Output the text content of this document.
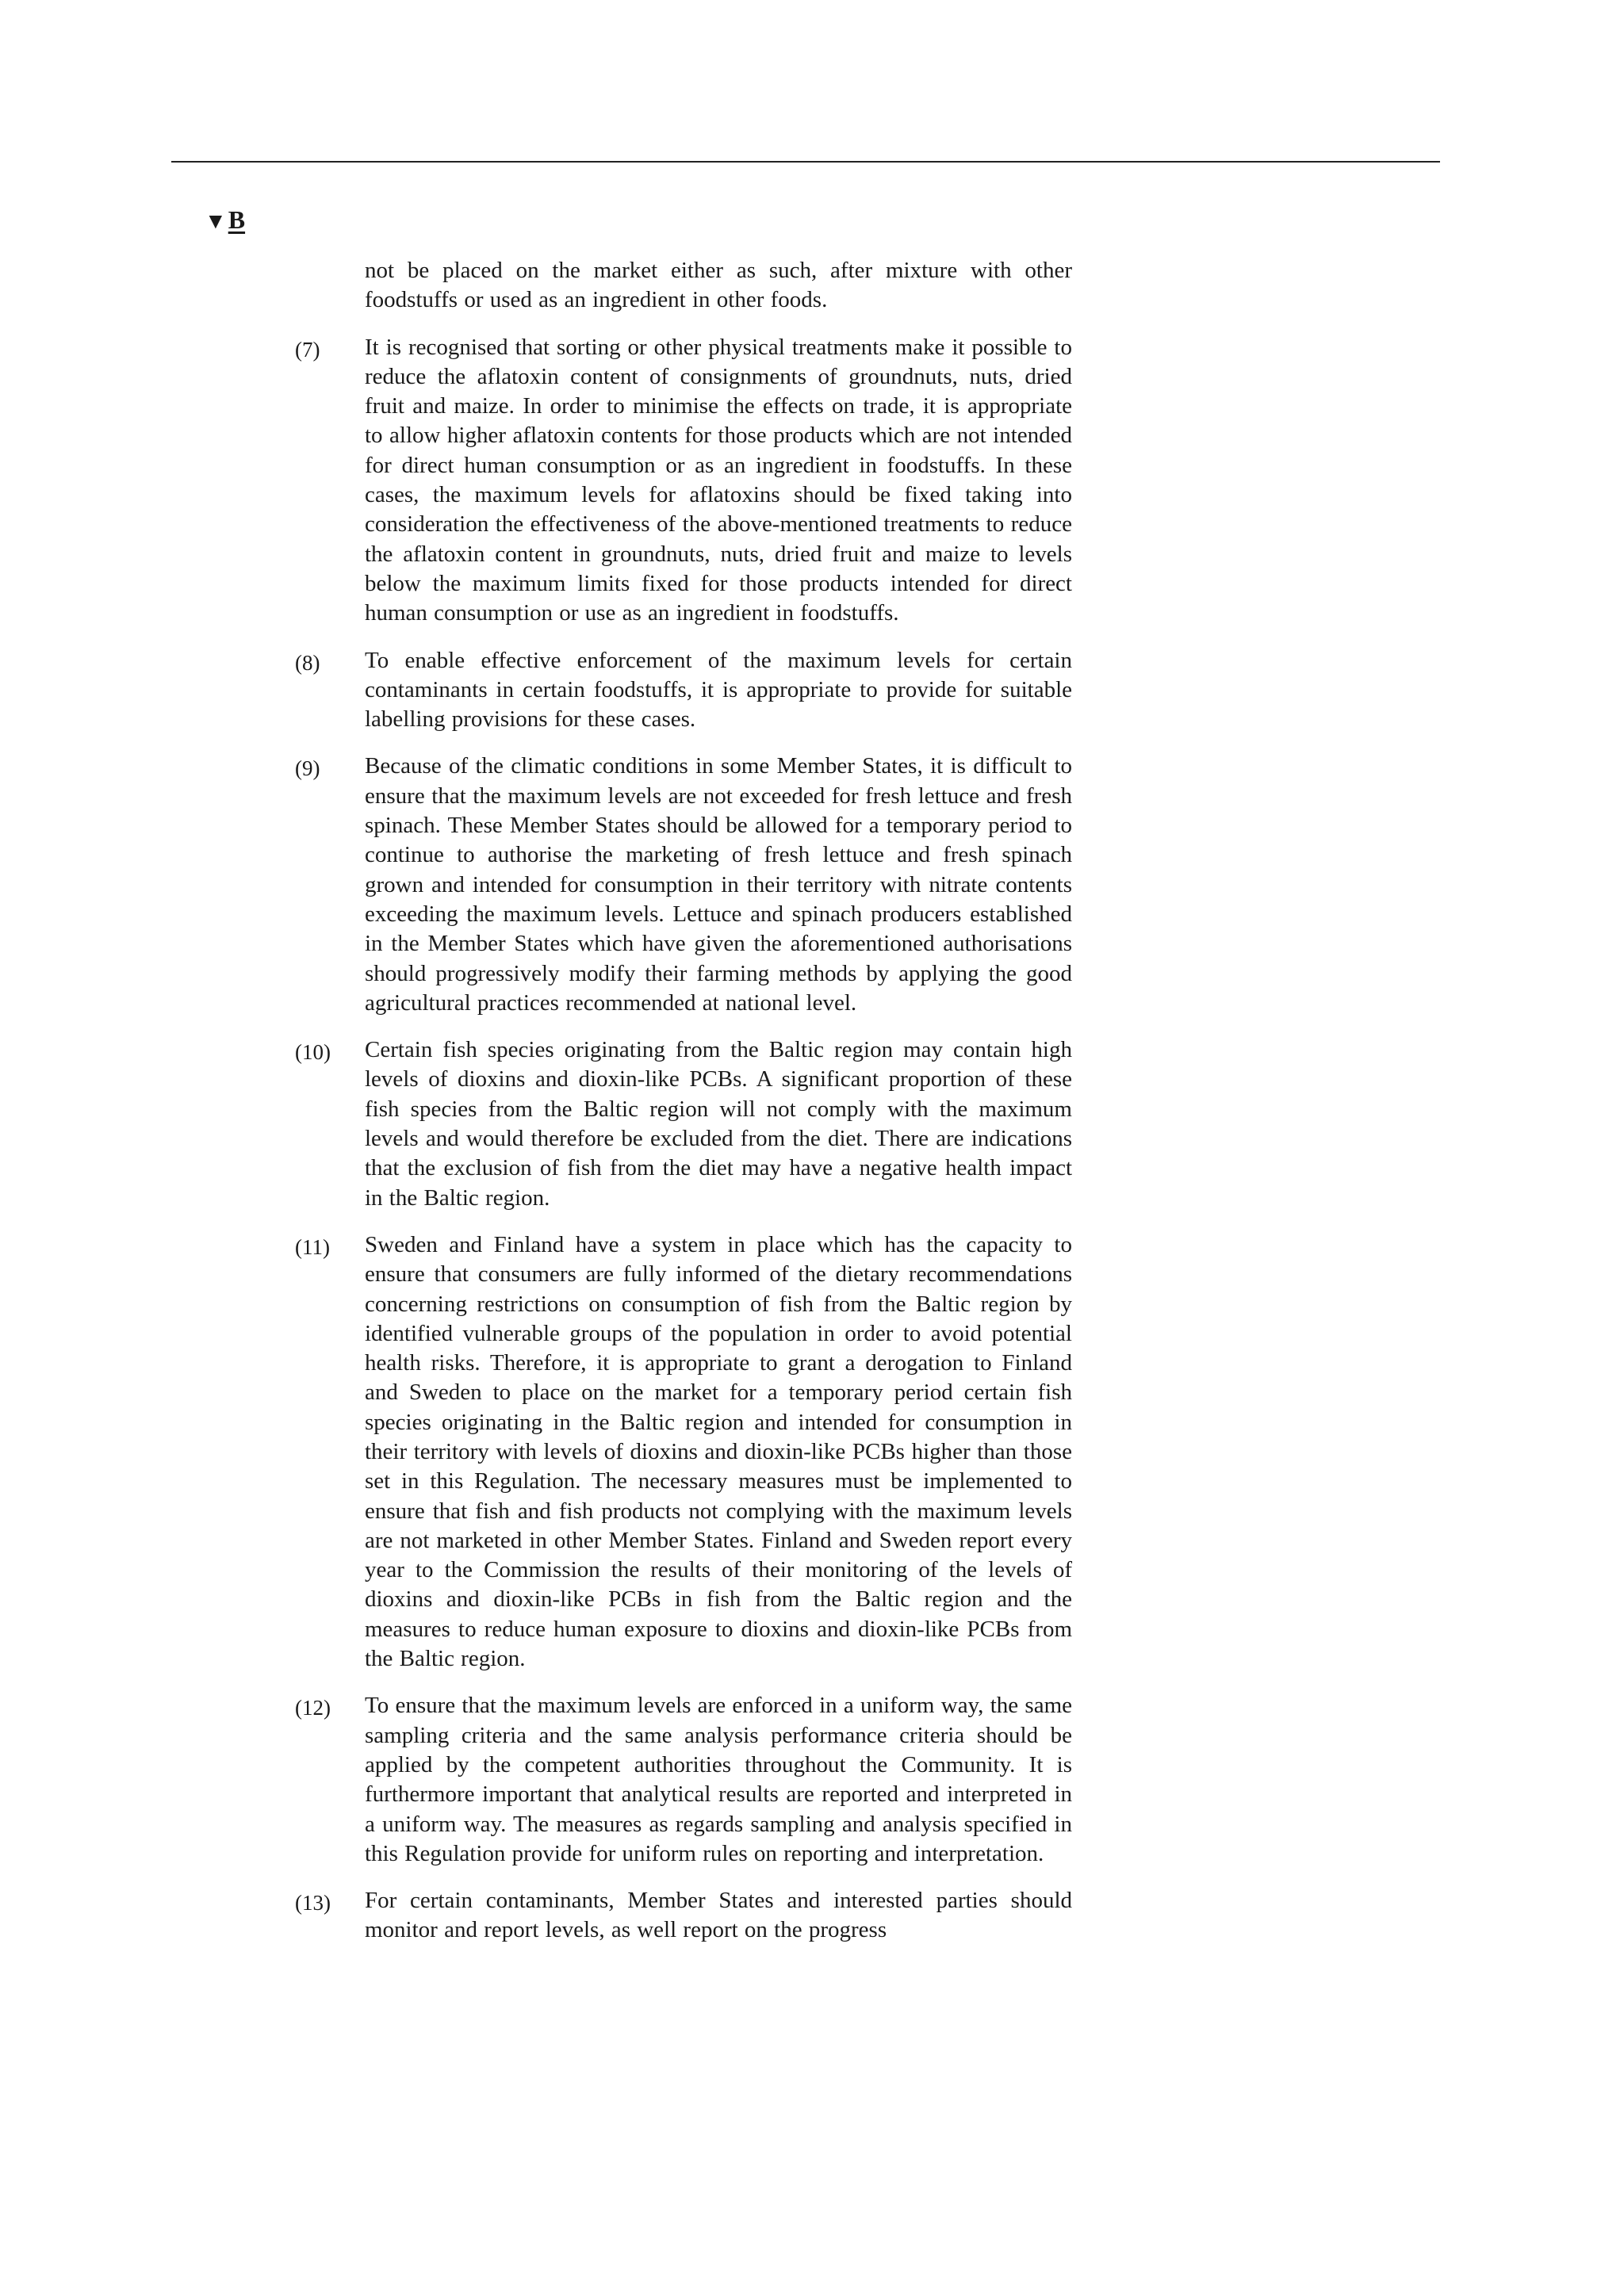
▼ B
not be placed on the market either as such, after mixture with other foodstuffs or used as an ingredient in other foods.
(7) It is recognised that sorting or other physical treatments make it possible to reduce the aflatoxin content of consignments of groundnuts, nuts, dried fruit and maize. In order to minimise the effects on trade, it is appropriate to allow higher aflatoxin contents for those products which are not intended for direct human consumption or as an ingredient in foodstuffs. In these cases, the maximum levels for aflatoxins should be fixed taking into consideration the effectiveness of the above-mentioned treatments to reduce the aflatoxin content in groundnuts, nuts, dried fruit and maize to levels below the maximum limits fixed for those products intended for direct human consumption or use as an ingredient in foodstuffs.
(8) To enable effective enforcement of the maximum levels for certain contaminants in certain foodstuffs, it is appropriate to provide for suitable labelling provisions for these cases.
(9) Because of the climatic conditions in some Member States, it is difficult to ensure that the maximum levels are not exceeded for fresh lettuce and fresh spinach. These Member States should be allowed for a temporary period to continue to authorise the marketing of fresh lettuce and fresh spinach grown and intended for consumption in their territory with nitrate contents exceeding the maximum levels. Lettuce and spinach producers established in the Member States which have given the aforementioned authorisations should progressively modify their farming methods by applying the good agricultural practices recommended at national level.
(10) Certain fish species originating from the Baltic region may contain high levels of dioxins and dioxin-like PCBs. A significant proportion of these fish species from the Baltic region will not comply with the maximum levels and would therefore be excluded from the diet. There are indications that the exclusion of fish from the diet may have a negative health impact in the Baltic region.
(11) Sweden and Finland have a system in place which has the capacity to ensure that consumers are fully informed of the dietary recommendations concerning restrictions on consumption of fish from the Baltic region by identified vulnerable groups of the population in order to avoid potential health risks. Therefore, it is appropriate to grant a derogation to Finland and Sweden to place on the market for a temporary period certain fish species originating in the Baltic region and intended for consumption in their territory with levels of dioxins and dioxin-like PCBs higher than those set in this Regulation. The necessary measures must be implemented to ensure that fish and fish products not complying with the maximum levels are not marketed in other Member States. Finland and Sweden report every year to the Commission the results of their monitoring of the levels of dioxins and dioxin-like PCBs in fish from the Baltic region and the measures to reduce human exposure to dioxins and dioxin-like PCBs from the Baltic region.
(12) To ensure that the maximum levels are enforced in a uniform way, the same sampling criteria and the same analysis performance criteria should be applied by the competent authorities throughout the Community. It is furthermore important that analytical results are reported and interpreted in a uniform way. The measures as regards sampling and analysis specified in this Regulation provide for uniform rules on reporting and interpretation.
(13) For certain contaminants, Member States and interested parties should monitor and report levels, as well report on the progress
